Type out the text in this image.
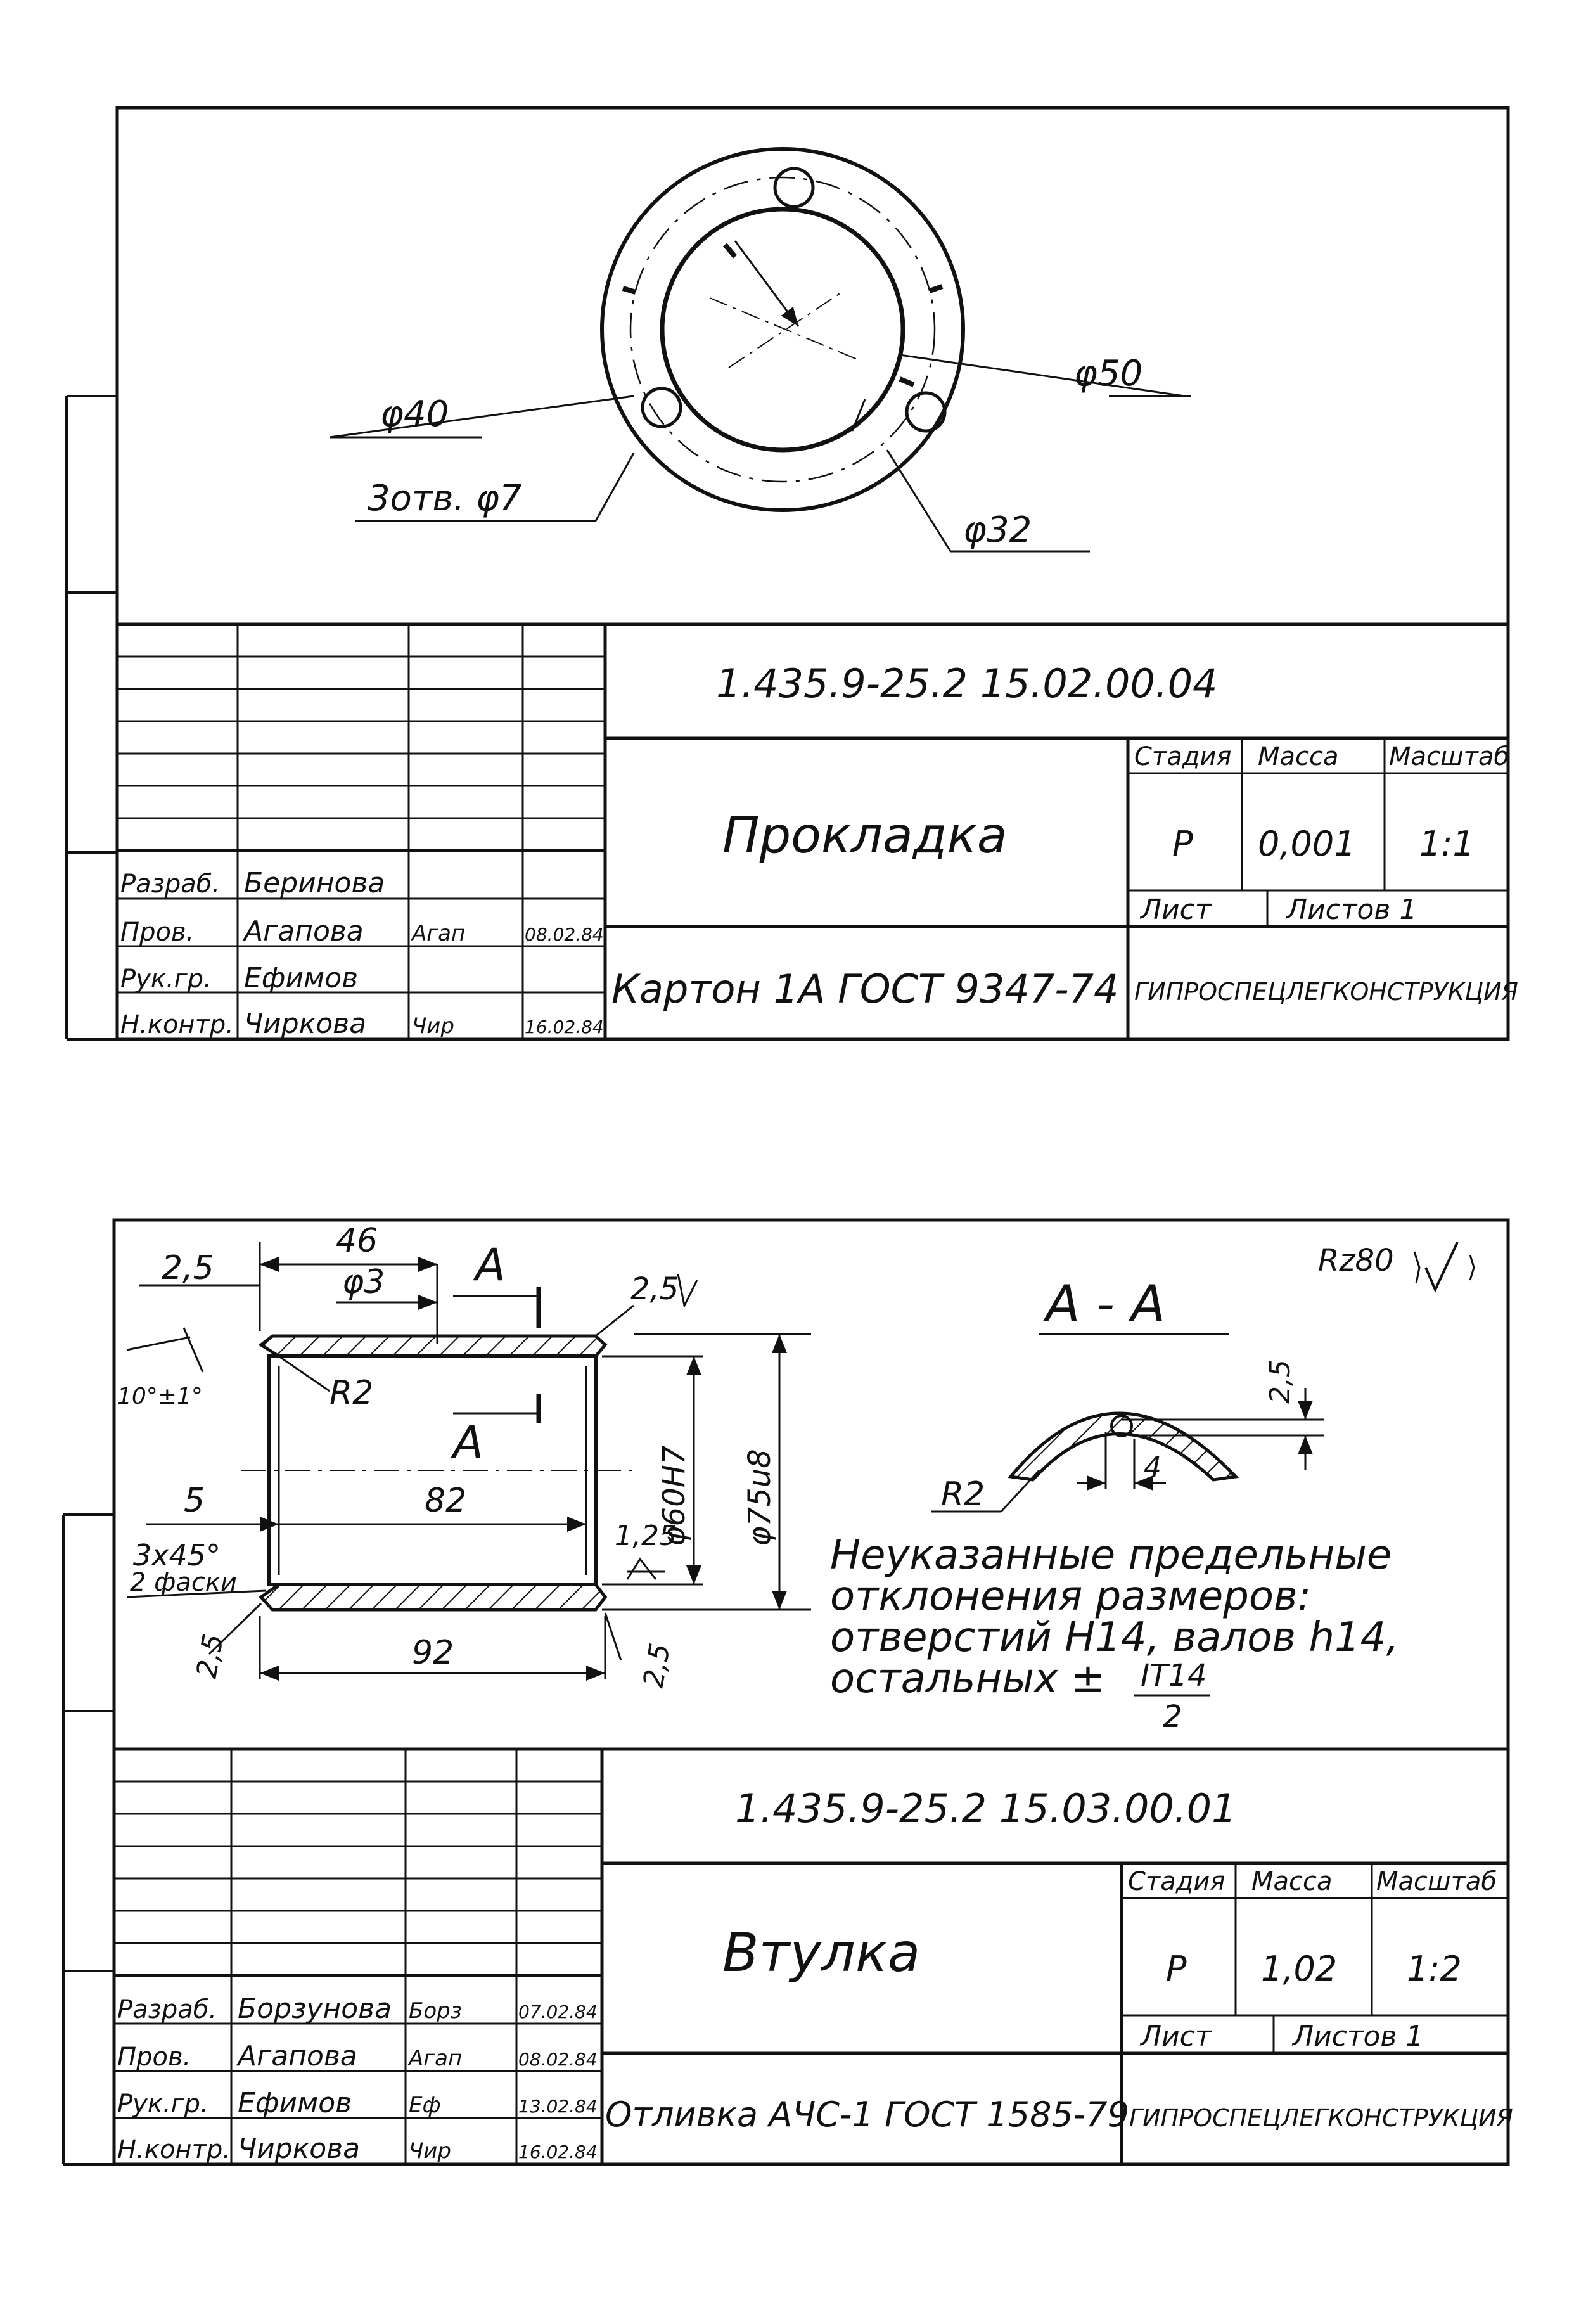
φ50
φ40
3отв. φ7
φ32
Разраб. Беринова
Пров. Агапова Агап	08.02.84
Рук.гр. Ефимов
Н.контр. Чиркова Чир	16.02.84
1.435.9-25.2 15.02.00.04
Прокладка
Картон 1А ГОСТ 9347-74
Стадия Масса Масштаб
Р 0,001 1:1
Лист	Листов 1
ГИПРОСПЕЦЛЕГКОНСТРУКЦИЯ
2,5
46
φ3 А
А
2,5
Rz80
10°±1°	R2
5	82
1,25
φ60Н7 φ75u8
3х45°
2 фаски
2,5	92	2,5
А - А
2,5
R2
4
Неуказанные предельные
отклонения размеров:
отверстий Н14, валов h14,
остальных ± IT14
2
Разраб. Борзунова Борз	07.02.84
Пров. Агапова Агап	08.02.84
Рук.гр. Ефимов	Еф	13.02.84
Н.контр. Чиркова Чир	16.02.84
1.435.9-25.2 15.03.00.01
Втулка
Отливка АЧС-1 ГОСТ 1585-79
Стадия Масса Масштаб
Р 1,02 1:2
Лист	Листов 1
ГИПРОСПЕЦЛЕГКОНСТРУКЦИЯ
